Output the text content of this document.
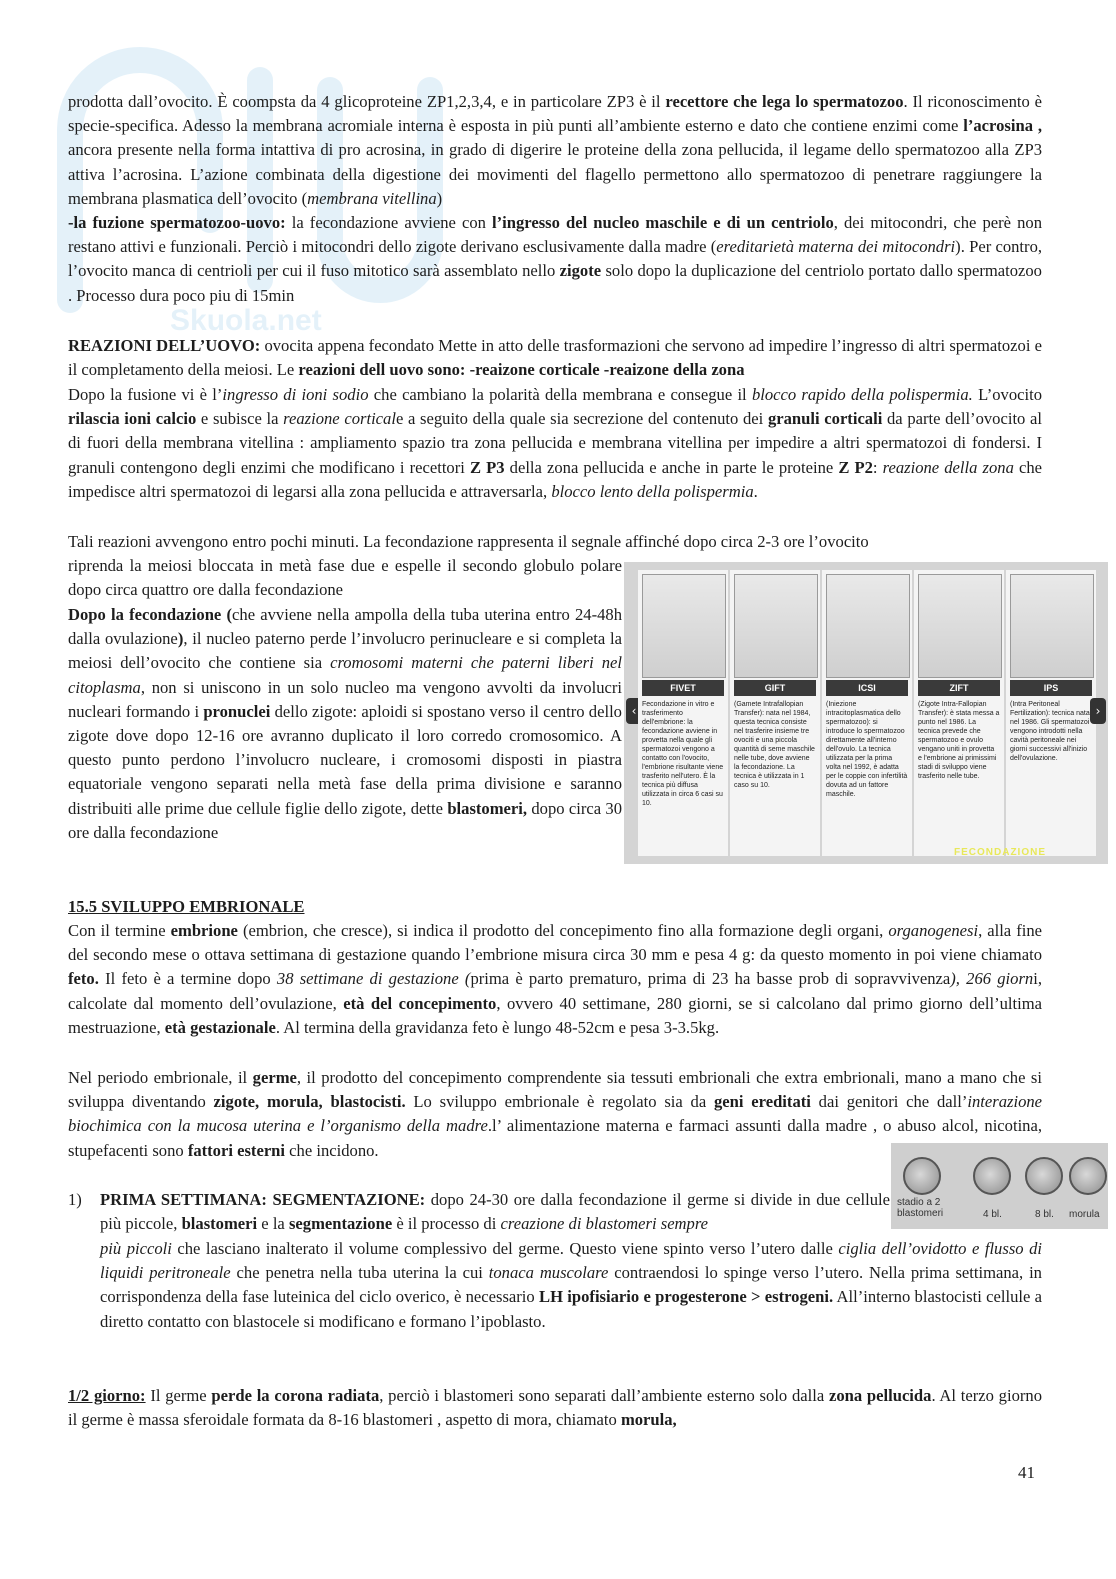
Skuola.net

prodotta dall’ovocito. È coompsta da 4 glicoproteine ZP1,2,3,4, e in particolare ZP3 è il recettore che lega lo spermatozoo. Il riconoscimento è specie-specifica. Adesso la membrana acromiale interna è esposta in più punti all’ambiente esterno e dato che contiene enzimi come l’acrosina , ancora presente nella forma intattiva di pro acrosina, in grado di digerire le proteine della zona pellucida, il legame dello spermatozoo alla ZP3 attiva l’acrosina. L’azione combinata della digestione dei movimenti del flagello permettono allo spermatozoo di penetrare raggiungere la membrana plasmatica dell’ovocito (membrana vitellina)

-la fuzione spermatozoo-uovo: la fecondazione avviene con l’ingresso del nucleo maschile e di un centriolo, dei mitocondri, che perè non restano attivi e funzionali. Perciò i mitocondri dello zigote derivano esclusivamente dalla madre (ereditarietà materna dei mitocondri). Per contro, l’ovocito manca di centrioli per cui il fuso mitotico sarà assemblato nello zigote solo dopo la duplicazione del centriolo portato dallo spermatozoo . Processo dura poco piu di 15min

REAZIONI DELL’UOVO: ovocita appena fecondato Mette in atto delle trasformazioni che servono ad impedire l’ingresso di altri spermatozoi e il completamento della meiosi. Le reazioni dell uovo sono: -reaizone corticale -reaizone della zona

Dopo la fusione vi è l’ingresso di ioni sodio che cambiano la polarità della membrana e consegue il blocco rapido della polispermia. L’ovocito rilascia ioni calcio e subisce la reazione corticale a seguito della quale sia secrezione del contenuto dei granuli corticali da parte dell’ovocito al di fuori della membrana vitellina : ampliamento spazio tra zona pellucida e membrana vitellina per impedire a altri spermatozoi di fondersi. I granuli contengono degli enzimi che modificano i recettori Z P3 della zona pellucida e anche in parte le proteine Z P2: reazione della zona che impedisce altri spermatozoi di legarsi alla zona pellucida e attraversarla, blocco lento della polispermia.

Tali reazioni avvengono entro pochi minuti. La fecondazione rappresenta il segnale affinché dopo circa 2-3 ore l’ovocito

riprenda la meiosi bloccata in metà fase due e espelle il secondo globulo polare dopo circa quattro ore dalla fecondazione

Dopo la fecondazione (che avviene nella ampolla della tuba uterina entro 24-48h dalla ovulazione), il nucleo paterno perde l’involucro perinucleare e si completa la meiosi dell’ovocito che contiene sia cromosomi materni che paterni liberi nel citoplasma, non si uniscono in un solo nucleo ma vengono avvolti da involucri nucleari formando i pronuclei dello zigote: aploidi si spostano verso il centro dello zigote dove dopo 12-16 ore avranno duplicato il loro corredo cromosomico. A questo punto perdono l’involucro nucleare, i cromosomi disposti in piastra equatoriale vengono separati nella metà fase della prima divisione e saranno distribuiti alle prime due cellule figlie dello zigote, dette blastomeri, dopo circa 30 ore dalla fecondazione

‹
FIVET
Fecondazione in vitro e trasferimento dell'embrione: la fecondazione avviene in provetta nella quale gli spermatozoi vengono a contatto con l'ovocito, l'embrione risultante viene trasferito nell'utero. È la tecnica più diffusa utilizzata in circa 6 casi su 10.
GIFT
(Gamete Intrafallopian Transfer): nata nel 1984, questa tecnica consiste nel trasferire insieme tre ovociti e una piccola quantità di seme maschile nelle tube, dove avviene la fecondazione. La tecnica è utilizzata in 1 caso su 10.
ICSI
(Iniezione intracitoplasmatica dello spermatozoo): si introduce lo spermatozoo direttamente all'interno dell'ovulo. La tecnica utilizzata per la prima volta nel 1992, è adatta per le coppie con infertilità dovuta ad un fattore maschile.
ZIFT
(Zigote Intra-Fallopian Transfer): è stata messa a punto nel 1986. La tecnica prevede che spermatozoo e ovulo vengano uniti in provetta e l'embrione ai primissimi stadi di sviluppo viene trasferito nelle tube.
IPS
(Intra Peritoneal Fertilization): tecnica nata nel 1986. Gli spermatozoi vengono introdotti nella cavità peritoneale nei giorni successivi all'inizio dell'ovulazione.
›
FECONDAZIONE

15.5 SVILUPPO EMBRIONALE

Con il termine embrione (embrion, che cresce), si indica il prodotto del concepimento fino alla formazione degli organi, organogenesi, alla fine del secondo mese o ottava settimana di gestazione quando l’embrione misura circa 30 mm e pesa 4 g: da questo momento in poi viene chiamato feto. Il feto è a termine dopo 38 settimane di gestazione (prima è parto prematuro, prima di 23 ha basse prob di sopravvivenza), 266 giorni, calcolate dal momento dell’ovulazione, età del concepimento, ovvero 40 settimane, 280 giorni, se si calcolano dal primo giorno dell’ultima mestruazione, età gestazionale. Al termina della gravidanza feto è lungo 48-52cm e pesa 3-3.5kg.

Nel periodo embrionale, il germe, il prodotto del concepimento comprendente sia tessuti embrionali che extra embrionali, mano a mano che si sviluppa diventando zigote, morula, blastocisti. Lo sviluppo embrionale è regolato sia da geni ereditati dai genitori che dall’interazione biochimica con la mucosa uterina e l’organismo della madre.l’ alimentazione materna e farmaci assunti dalla madre , o abuso alcol, nicotina, stupefacenti sono fattori esterni che incidono.

1) PRIMA SETTIMANA: SEGMENTAZIONE: dopo 24-30 ore dalla fecondazione il germe si divide in due cellule più piccole, blastomeri e la segmentazione è il processo di creazione di blastomeri sempre

più piccoli che lasciano inalterato il volume complessivo del germe. Questo viene spinto verso l’utero dalle ciglia dell’ovidotto e flusso di liquidi peritroneale che penetra nella tuba uterina la cui tonaca muscolare contraendosi lo spinge verso l’utero. Nella prima settimana, in corrispondenza della fase luteinica del ciclo overico, è necessario LH ipofisiario e progesterone > estrogeni. All’interno blastocisti cellule a diretto contatto con blastocele si modificano e formano l’ipoblasto.

stadio a 2 blastomeri	4 bl.	8 bl. morula

1/2 giorno: Il germe perde la corona radiata, perciò i blastomeri sono separati dall’ambiente esterno solo dalla zona pellucida. Al terzo giorno il germe è massa sferoidale formata da 8-16 blastomeri , aspetto di mora, chiamato morula,

41
